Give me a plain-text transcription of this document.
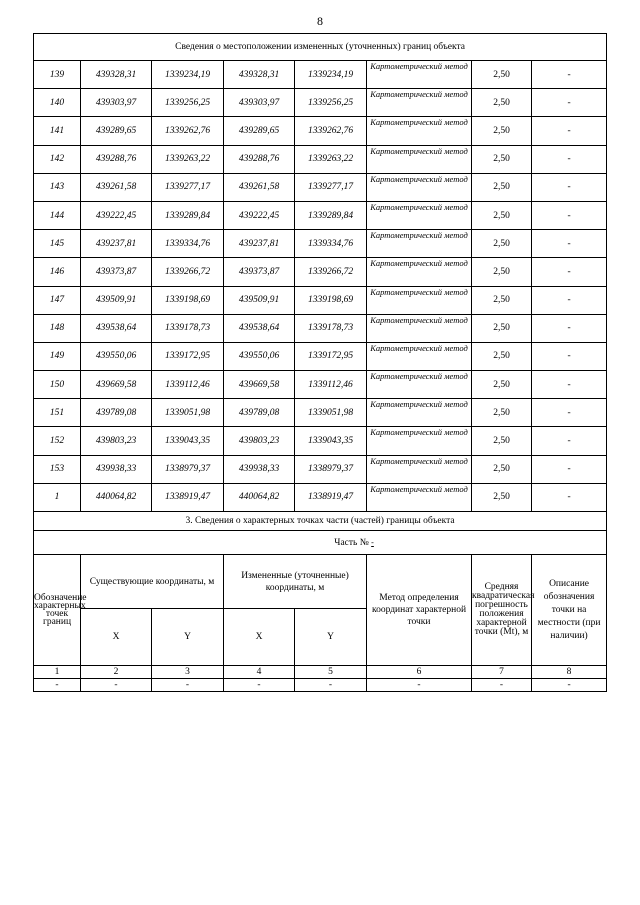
8
Сведения о местоположении измененных (уточненных) границ объекта							
139	439328,31	1339234,19	439328,31	1339234,19	Картометрический метод	2,50	-
140	439303,97	1339256,25	439303,97	1339256,25	Картометрический метод	2,50	-
141	439289,65	1339262,76	439289,65	1339262,76	Картометрический метод	2,50	-
142	439288,76	1339263,22	439288,76	1339263,22	Картометрический метод	2,50	-
143	439261,58	1339277,17	439261,58	1339277,17	Картометрический метод	2,50	-
144	439222,45	1339289,84	439222,45	1339289,84	Картометрический метод	2,50	-
145	439237,81	1339334,76	439237,81	1339334,76	Картометрический метод	2,50	-
146	439373,87	1339266,72	439373,87	1339266,72	Картометрический метод	2,50	-
147	439509,91	1339198,69	439509,91	1339198,69	Картометрический метод	2,50	-
148	439538,64	1339178,73	439538,64	1339178,73	Картометрический метод	2,50	-
149	439550,06	1339172,95	439550,06	1339172,95	Картометрический метод	2,50	-
150	439669,58	1339112,46	439669,58	1339112,46	Картометрический метод	2,50	-
151	439789,08	1339051,98	439789,08	1339051,98	Картометрический метод	2,50	-
152	439803,23	1339043,35	439803,23	1339043,35	Картометрический метод	2,50	-
153	439938,33	1338979,37	439938,33	1338979,37	Картометрический метод	2,50	-
1	440064,82	1338919,47	440064,82	1338919,47	Картометрический метод	2,50	-
3. Сведения о характерных точках части (частей) границы объекта							
Часть № -							
Обозначение характерных точек границ	Существующие координаты, м		Измененные (уточненные) координаты, м		Метод определения координат характерной точки	Средняя квадратическая погрешность положения характерной точки (Мt), м	Описание обозначения точки на местности (при наличии)
	X	Y	X	Y			
1	2	3	4	5	6	7	8
-	-	-	-	-	-	-	-
